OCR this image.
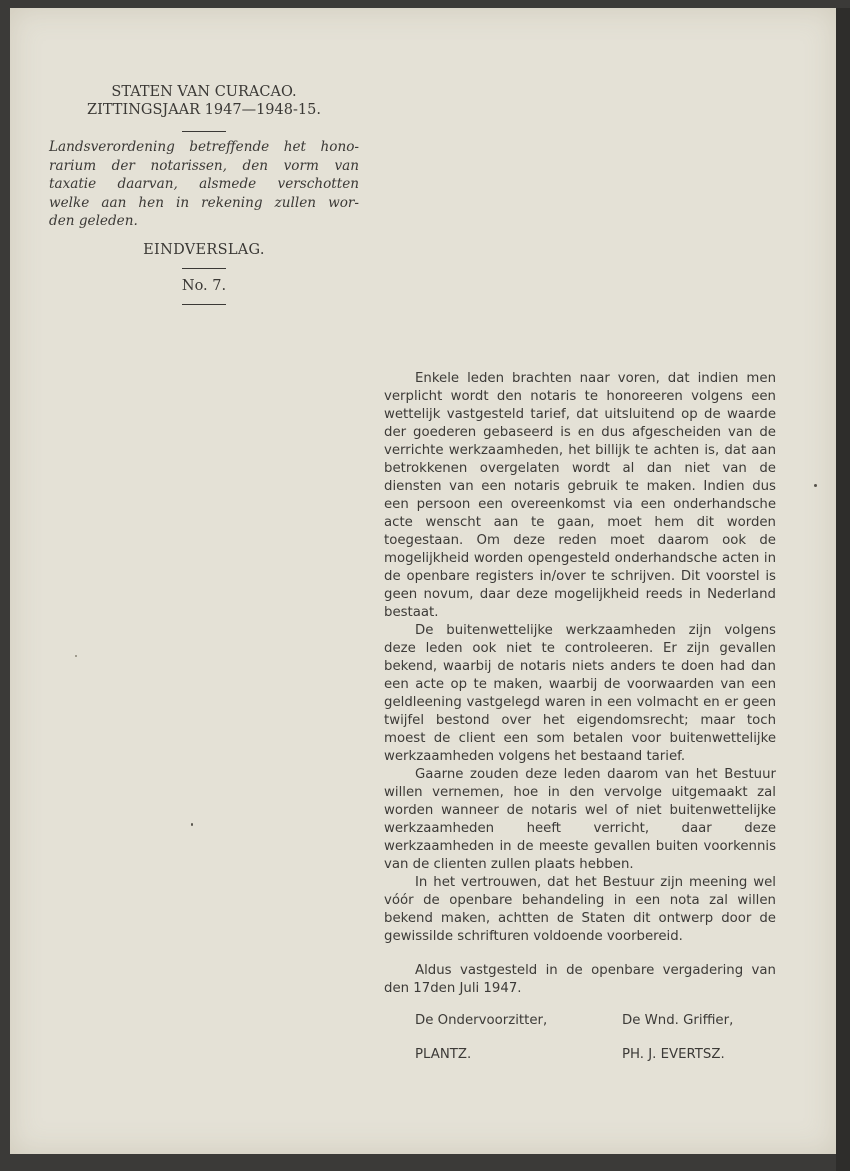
STATEN VAN CURACAO.
ZITTINGSJAAR 1947—1948-15.
Landsverordening betreffende het hono-
rarium der notarissen, den vorm van
taxatie daarvan, alsmede verschotten
welke aan hen in rekening zullen wor-
den geleden.
EINDVERSLAG.
No. 7.

Enkele leden brachten naar voren, dat indien men verplicht wordt den notaris te honoreeren volgens een wettelijk vastgesteld tarief, dat uitsluitend op de waarde der goederen gebaseerd is en dus afgescheiden van de verrichte werkzaamheden, het billijk te achten is, dat aan betrokkenen overgelaten wordt al dan niet van de diensten van een notaris gebruik te maken. Indien dus een persoon een overeenkomst via een onderhandsche acte wenscht aan te gaan, moet hem dit worden toegestaan. Om deze reden moet daarom ook de mogelijkheid worden opengesteld onderhandsche acten in de openbare registers in/over te schrijven. Dit voorstel is geen novum, daar deze mogelijkheid reeds in Nederland bestaat.

De buitenwettelijke werkzaamheden zijn volgens deze leden ook niet te controleeren. Er zijn gevallen bekend, waarbij de notaris niets anders te doen had dan een acte op te maken, waarbij de voorwaarden van een geldleening vastgelegd waren in een volmacht en er geen twijfel bestond over het eigendomsrecht; maar toch moest de client een som betalen voor buitenwettelijke werkzaamheden volgens het bestaand tarief.

Gaarne zouden deze leden daarom van het Bestuur willen vernemen, hoe in den vervolge uitgemaakt zal worden wanneer de notaris wel of niet buitenwettelijke werkzaamheden heeft verricht, daar deze werkzaamheden in de meeste gevallen buiten voorkennis van de clienten zullen plaats hebben.

In het vertrouwen, dat het Bestuur zijn meening wel vóór de openbare behandeling in een nota zal willen bekend maken, achtten de Staten dit ontwerp door de gewissilde schrifturen voldoende voorbereid.

Aldus vastgesteld in de openbare vergadering van den 17den Juli 1947.

De Ondervoorzitter,	De Wnd. Griffier,
PLANTZ.	PH. J. EVERTSZ.
